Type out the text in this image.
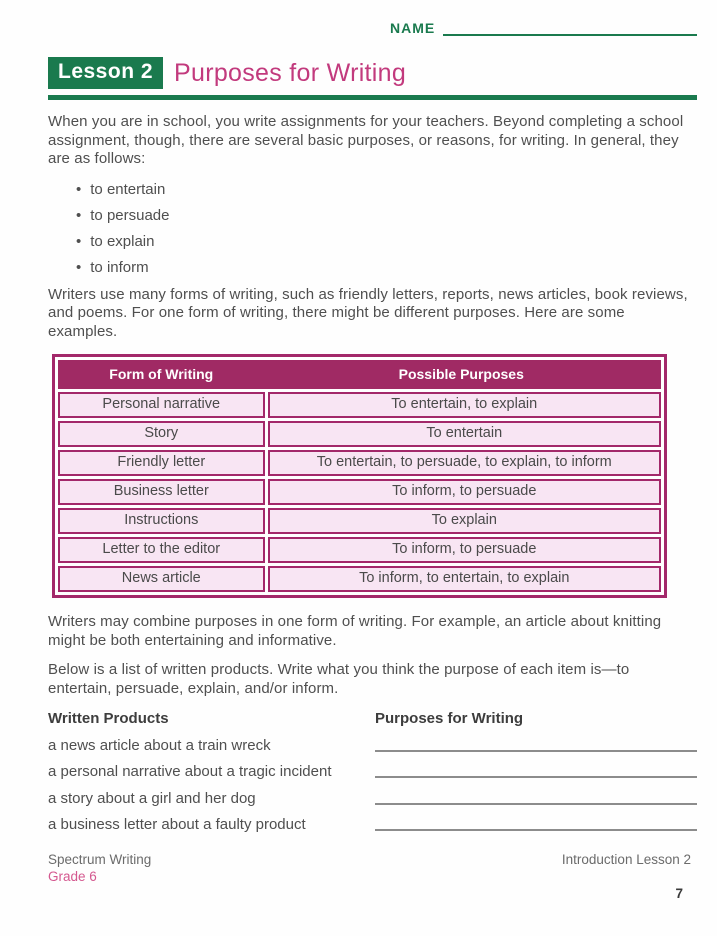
NAME
Lesson 2 Purposes for Writing

When you are in school, you write assignments for your teachers. Beyond completing a school assignment, though, there are several basic purposes, or reasons, for writing. In general, they are as follows:

• to entertain
• to persuade
• to explain
• to inform

Writers use many forms of writing, such as friendly letters, reports, news articles, book reviews, and poems. For one form of writing, there might be different purposes. Here are some examples.

Form of Writing	Possible Purposes
Personal narrative	To entertain, to explain
Story	To entertain
Friendly letter	To entertain, to persuade, to explain, to inform
Business letter	To inform, to persuade
Instructions	To explain
Letter to the editor	To inform, to persuade
News article	To inform, to entertain, to explain

Writers may combine purposes in one form of writing. For example, an article about knitting might be both entertaining and informative.

Below is a list of written products. Write what you think the purpose of each item is—to entertain, persuade, explain, and/or inform.

Written Products	Purposes for Writing
a news article about a train wreck
a personal narrative about a tragic incident
a story about a girl and her dog
a business letter about a faulty product
Spectrum Writing
Grade 6
Introduction Lesson 2
7
